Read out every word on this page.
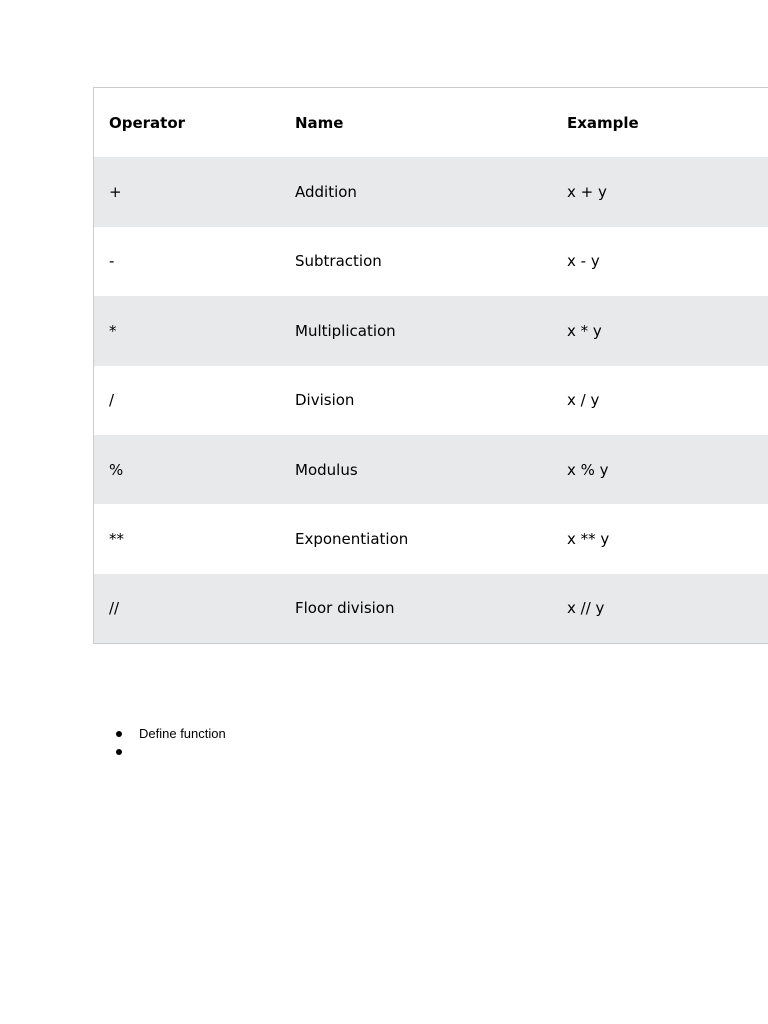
Operator	Name	Example
+	Addition	x + y
-	Subtraction	x - y
*	Multiplication	x * y
/	Division	x / y
%	Modulus	x % y
**	Exponentiation	x ** y
//	Floor division	x // y
Define function
